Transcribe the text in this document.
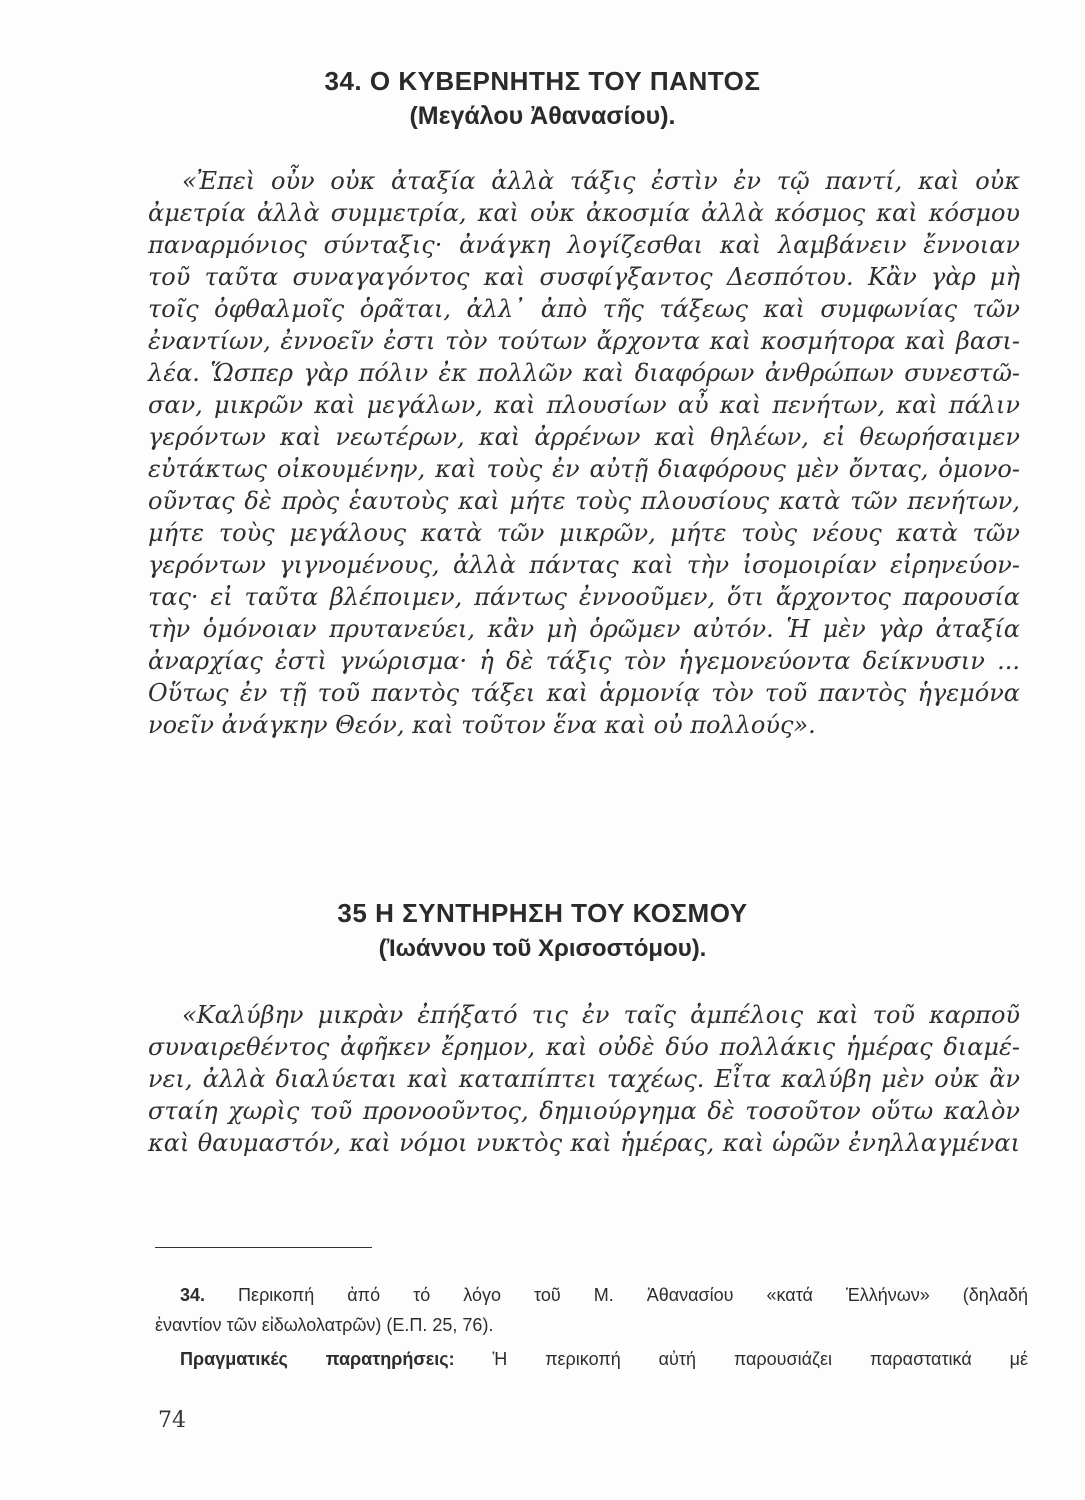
34. Ο ΚΥΒΕΡΝΗΤΗΣ ΤΟΥ ΠΑΝΤΟΣ
(Μεγάλου Ἀθανασίου).
«Ἐπεὶ οὖν οὐκ ἀταξία ἀλλὰ τάξις ἐστὶν ἐν τῷ παντί, καὶ οὐκ
ἀμετρία ἀλλὰ συμμετρία, καὶ οὐκ ἀκοσμία ἀλλὰ κόσμος καὶ κόσμου
παναρμόνιος σύνταξις· ἀνάγκη λογίζεσθαι καὶ λαμβάνειν ἔννοιαν
τοῦ ταῦτα συναγαγόντος καὶ συσφίγξαντος Δεσπότου. Κἂν γὰρ μὴ
τοῖς ὀφθαλμοῖς ὁρᾶται, ἀλλ᾽ ἀπὸ τῆς τάξεως καὶ συμφωνίας τῶν
ἐναντίων, ἐννοεῖν ἐστι τὸν τούτων ἄρχοντα καὶ κοσμήτορα καὶ βασι-
λέα. Ὥσπερ γὰρ πόλιν ἐκ πολλῶν καὶ διαφόρων ἀνθρώπων συνεστῶ-
σαν, μικρῶν καὶ μεγάλων, καὶ πλουσίων αὖ καὶ πενήτων, καὶ πάλιν
γερόντων καὶ νεωτέρων, καὶ ἀρρένων καὶ θηλέων, εἰ θεωρήσαιμεν
εὐτάκτως οἰκουμένην, καὶ τοὺς ἐν αὐτῇ διαφόρους μὲν ὄντας, ὁμονο-
οῦντας δὲ πρὸς ἑαυτοὺς καὶ μήτε τοὺς πλουσίους κατὰ τῶν πενήτων,
μήτε τοὺς μεγάλους κατὰ τῶν μικρῶν, μήτε τοὺς νέους κατὰ τῶν
γερόντων γιγνομένους, ἀλλὰ πάντας καὶ τὴν ἰσομοιρίαν εἰρηνεύον-
τας· εἰ ταῦτα βλέποιμεν, πάντως ἐννοοῦμεν, ὅτι ἄρχοντος παρουσία
τὴν ὁμόνοιαν πρυτανεύει, κἂν μὴ ὁρῶμεν αὐτόν. Ἡ μὲν γὰρ ἀταξία
ἀναρχίας ἐστὶ γνώρισμα· ἡ δὲ τάξις τὸν ἡγεμονεύοντα δείκνυσιν ...
Οὕτως ἐν τῇ τοῦ παντὸς τάξει καὶ ἁρμονίᾳ τὸν τοῦ παντὸς ἡγεμόνα
νοεῖν ἀνάγκην Θεόν, καὶ τοῦτον ἕνα καὶ οὐ πολλούς».
35 Η ΣΥΝΤΗΡΗΣΗ ΤΟΥ ΚΟΣΜΟΥ
(Ἰωάννου τοῦ Χρισοστόμου).
«Καλύβην μικρὰν ἐπήξατό τις ἐν ταῖς ἀμπέλοις καὶ τοῦ καρποῦ
συναιρεθέντος ἀφῆκεν ἔρημον, καὶ οὐδὲ δύο πολλάκις ἡμέρας διαμέ-
νει, ἀλλὰ διαλύεται καὶ καταπίπτει ταχέως. Εἶτα καλύβη μὲν οὐκ ἂν
σταίη χωρὶς τοῦ προνοοῦντος, δημιούργημα δὲ τοσοῦτον οὕτω καλὸν
καὶ θαυμαστόν, καὶ νόμοι νυκτὸς καὶ ἡμέρας, καὶ ὡρῶν ἐνηλλαγμέναι
34. Περικοπή ἀπό τό λόγο τοῦ Μ. Ἀθανασίου «κατά Ἑλλήνων» (δηλαδή
ἐναντίον τῶν εἰδωλολατρῶν) (Ε.Π. 25, 76).
Πραγματικές παρατηρήσεις: Ἡ περικοπή αὐτή παρουσιάζει παραστατικά μέ
74
